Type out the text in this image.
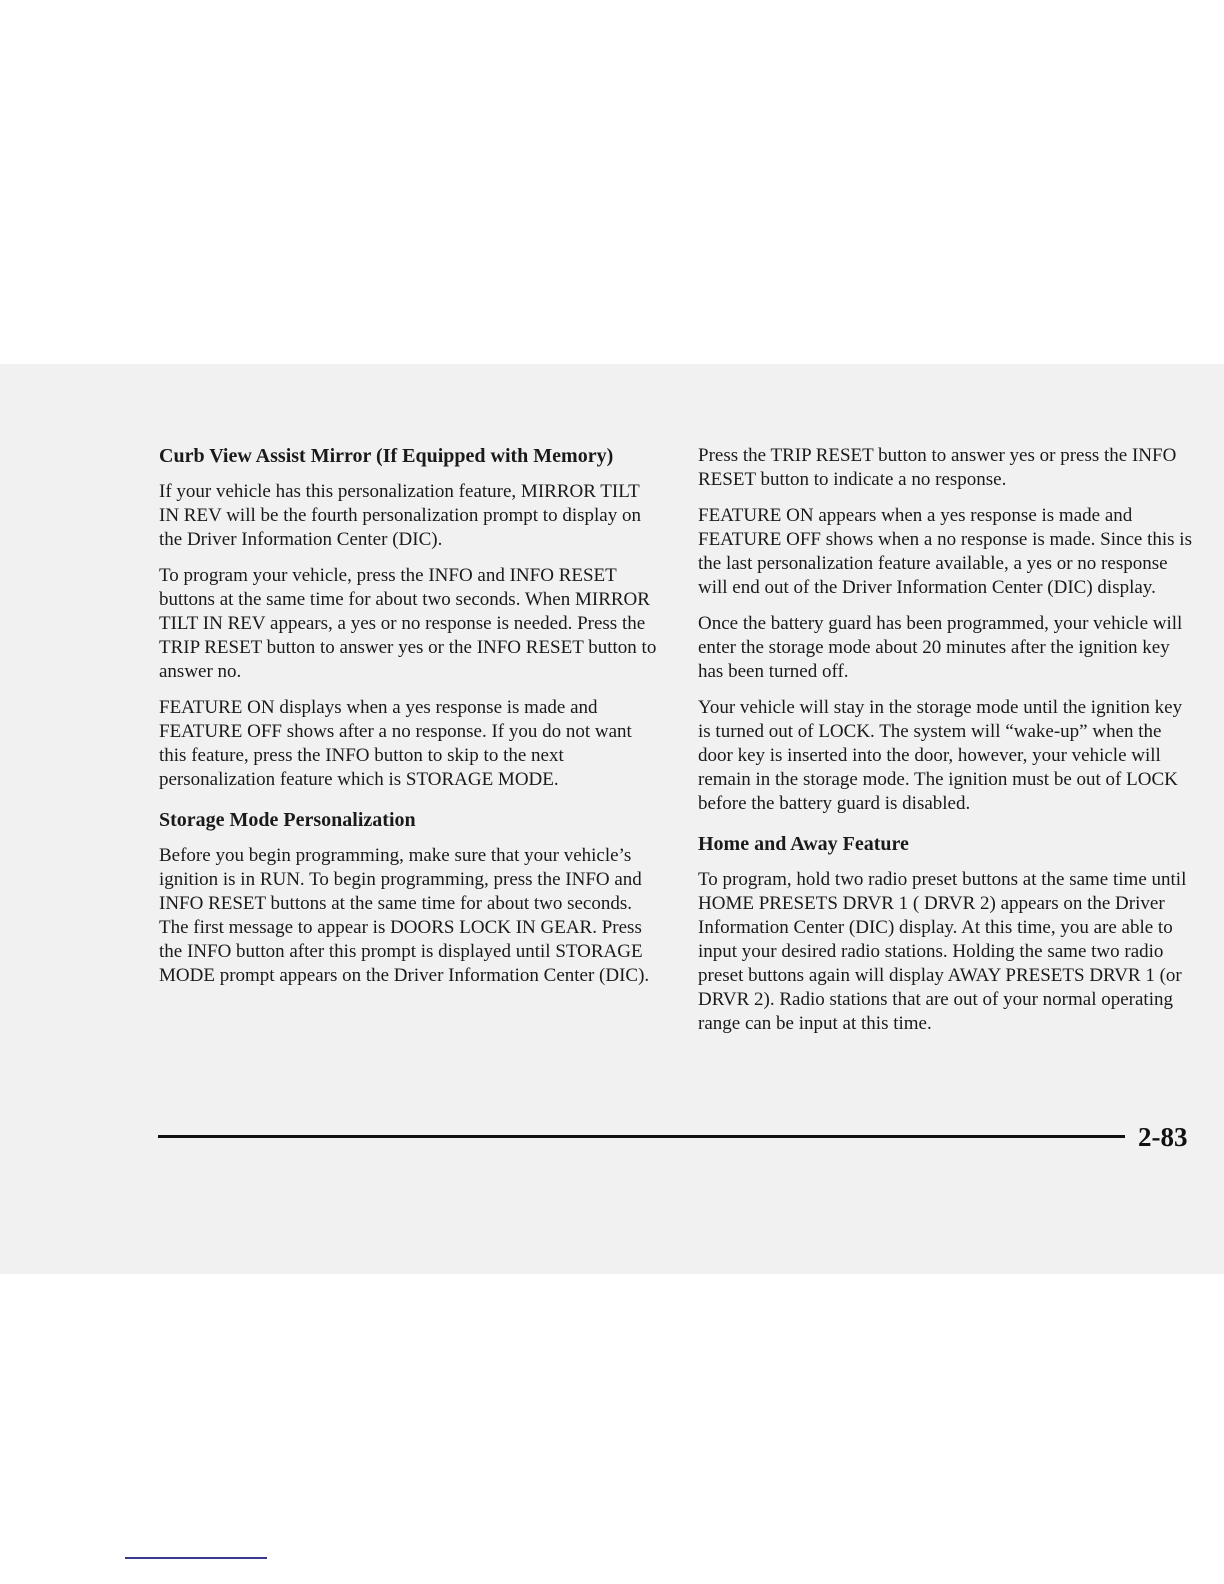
Curb View Assist Mirror (If Equipped with Memory)

If your vehicle has this personalization feature, MIRROR TILT IN REV will be the fourth personalization prompt to display on the Driver Information Center (DIC).

To program your vehicle, press the INFO and INFO RESET buttons at the same time for about two seconds. When MIRROR TILT IN REV appears, a yes or no response is needed. Press the TRIP RESET button to answer yes or the INFO RESET button to answer no.

FEATURE ON displays when a yes response is made and FEATURE OFF shows after a no response. If you do not want this feature, press the INFO button to skip to the next personalization feature which is STORAGE MODE.

Storage Mode Personalization

Before you begin programming, make sure that your vehicle’s ignition is in RUN. To begin programming, press the INFO and INFO RESET buttons at the same time for about two seconds. The first message to appear is DOORS LOCK IN GEAR. Press the INFO button after this prompt is displayed until STORAGE MODE prompt appears on the Driver Information Center (DIC).

Press the TRIP RESET button to answer yes or press the INFO RESET button to indicate a no response.

FEATURE ON appears when a yes response is made and FEATURE OFF shows when a no response is made. Since this is the last personalization feature available, a yes or no response will end out of the Driver Information Center (DIC) display.

Once the battery guard has been programmed, your vehicle will enter the storage mode about 20 minutes after the ignition key has been turned off.

Your vehicle will stay in the storage mode until the ignition key is turned out of LOCK. The system will “wake-up” when the door key is inserted into the door, however, your vehicle will remain in the storage mode. The ignition must be out of LOCK before the battery guard is disabled.

Home and Away Feature

To program, hold two radio preset buttons at the same time until HOME PRESETS DRVR 1 ( DRVR 2) appears on the Driver Information Center (DIC) display. At this time, you are able to input your desired radio stations. Holding the same two radio preset buttons again will display AWAY PRESETS DRVR 1 (or DRVR 2). Radio stations that are out of your normal operating range can be input at this time.

2-83
